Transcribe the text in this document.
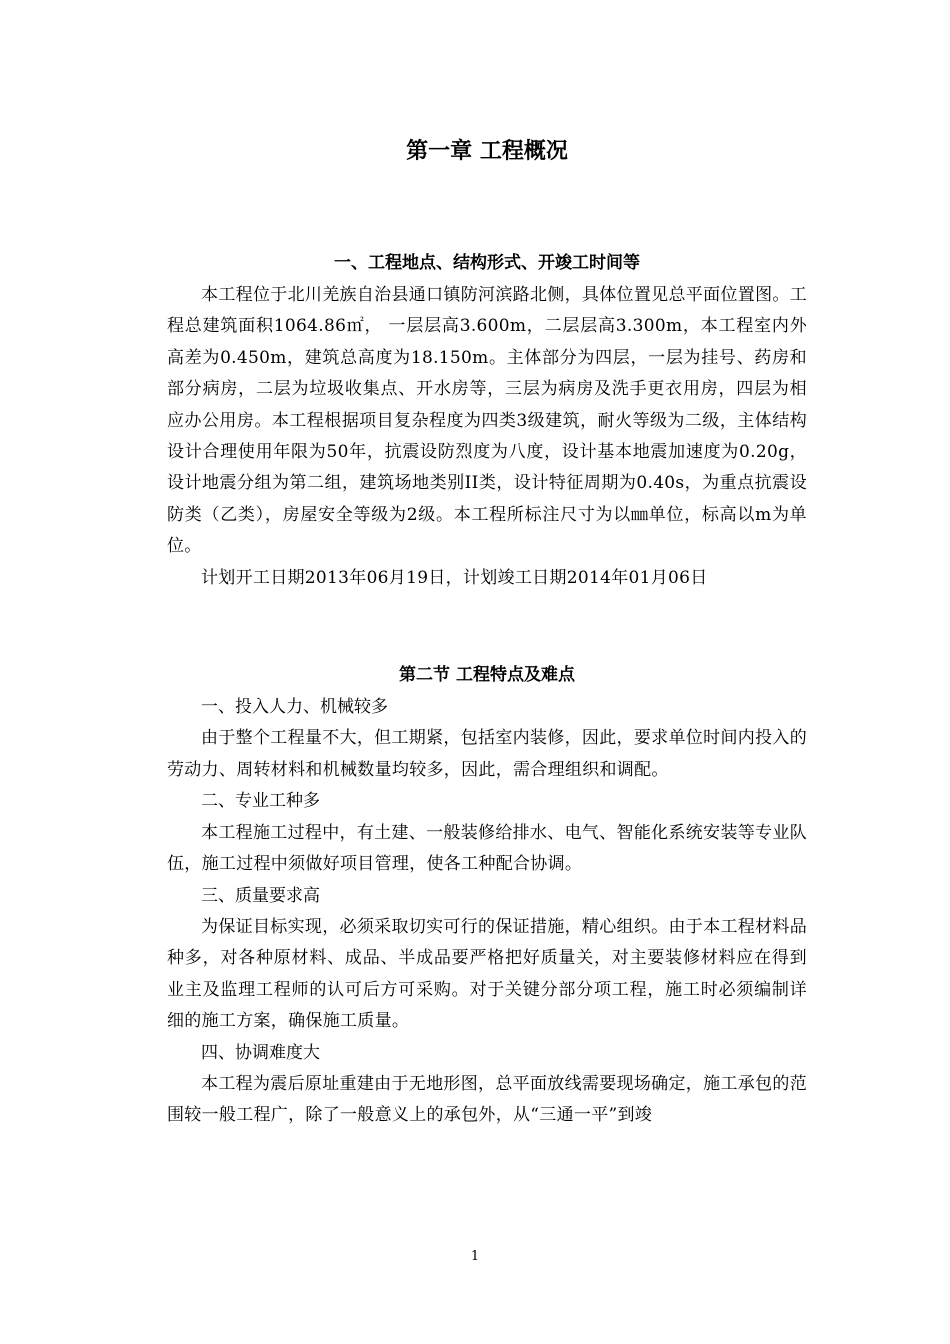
第一章 工程概况
一、工程地点、结构形式、开竣工时间等

本工程位于北川羌族自治县通口镇防河滨路北侧，具体位置见总平面位置图。工程总建筑面积1064.86㎡， 一层层高3.600m，二层层高3.300m，本工程室内外高差为0.450m，建筑总高度为18.150m。主体部分为四层，一层为挂号、药房和部分病房，二层为垃圾收集点、开水房等，三层为病房及洗手更衣用房，四层为相应办公用房。本工程根据项目复杂程度为四类3级建筑，耐火等级为二级，主体结构设计合理使用年限为50年，抗震设防烈度为八度，设计基本地震加速度为0.20g，设计地震分组为第二组，建筑场地类别II类，设计特征周期为0.40s，为重点抗震设防类（乙类），房屋安全等级为2级。本工程所标注尺寸为以㎜单位，标高以m为单位。

计划开工日期2013年06月19日，计划竣工日期2014年01月06日

第二节 工程特点及难点

一、投入人力、机械较多

由于整个工程量不大，但工期紧，包括室内装修，因此，要求单位时间内投入的劳动力、周转材料和机械数量均较多，因此，需合理组织和调配。

二、专业工种多

本工程施工过程中，有土建、一般装修给排水、电气、智能化系统安装等专业队伍，施工过程中须做好项目管理，使各工种配合协调。

三、质量要求高

为保证目标实现，必须采取切实可行的保证措施，精心组织。由于本工程材料品种多，对各种原材料、成品、半成品要严格把好质量关，对主要装修材料应在得到业主及监理工程师的认可后方可采购。对于关键分部分项工程，施工时必须编制详细的施工方案，确保施工质量。

四、协调难度大

本工程为震后原址重建由于无地形图，总平面放线需要现场确定，施工承包的范围较一般工程广，除了一般意义上的承包外，从“三通一平”到竣

1
